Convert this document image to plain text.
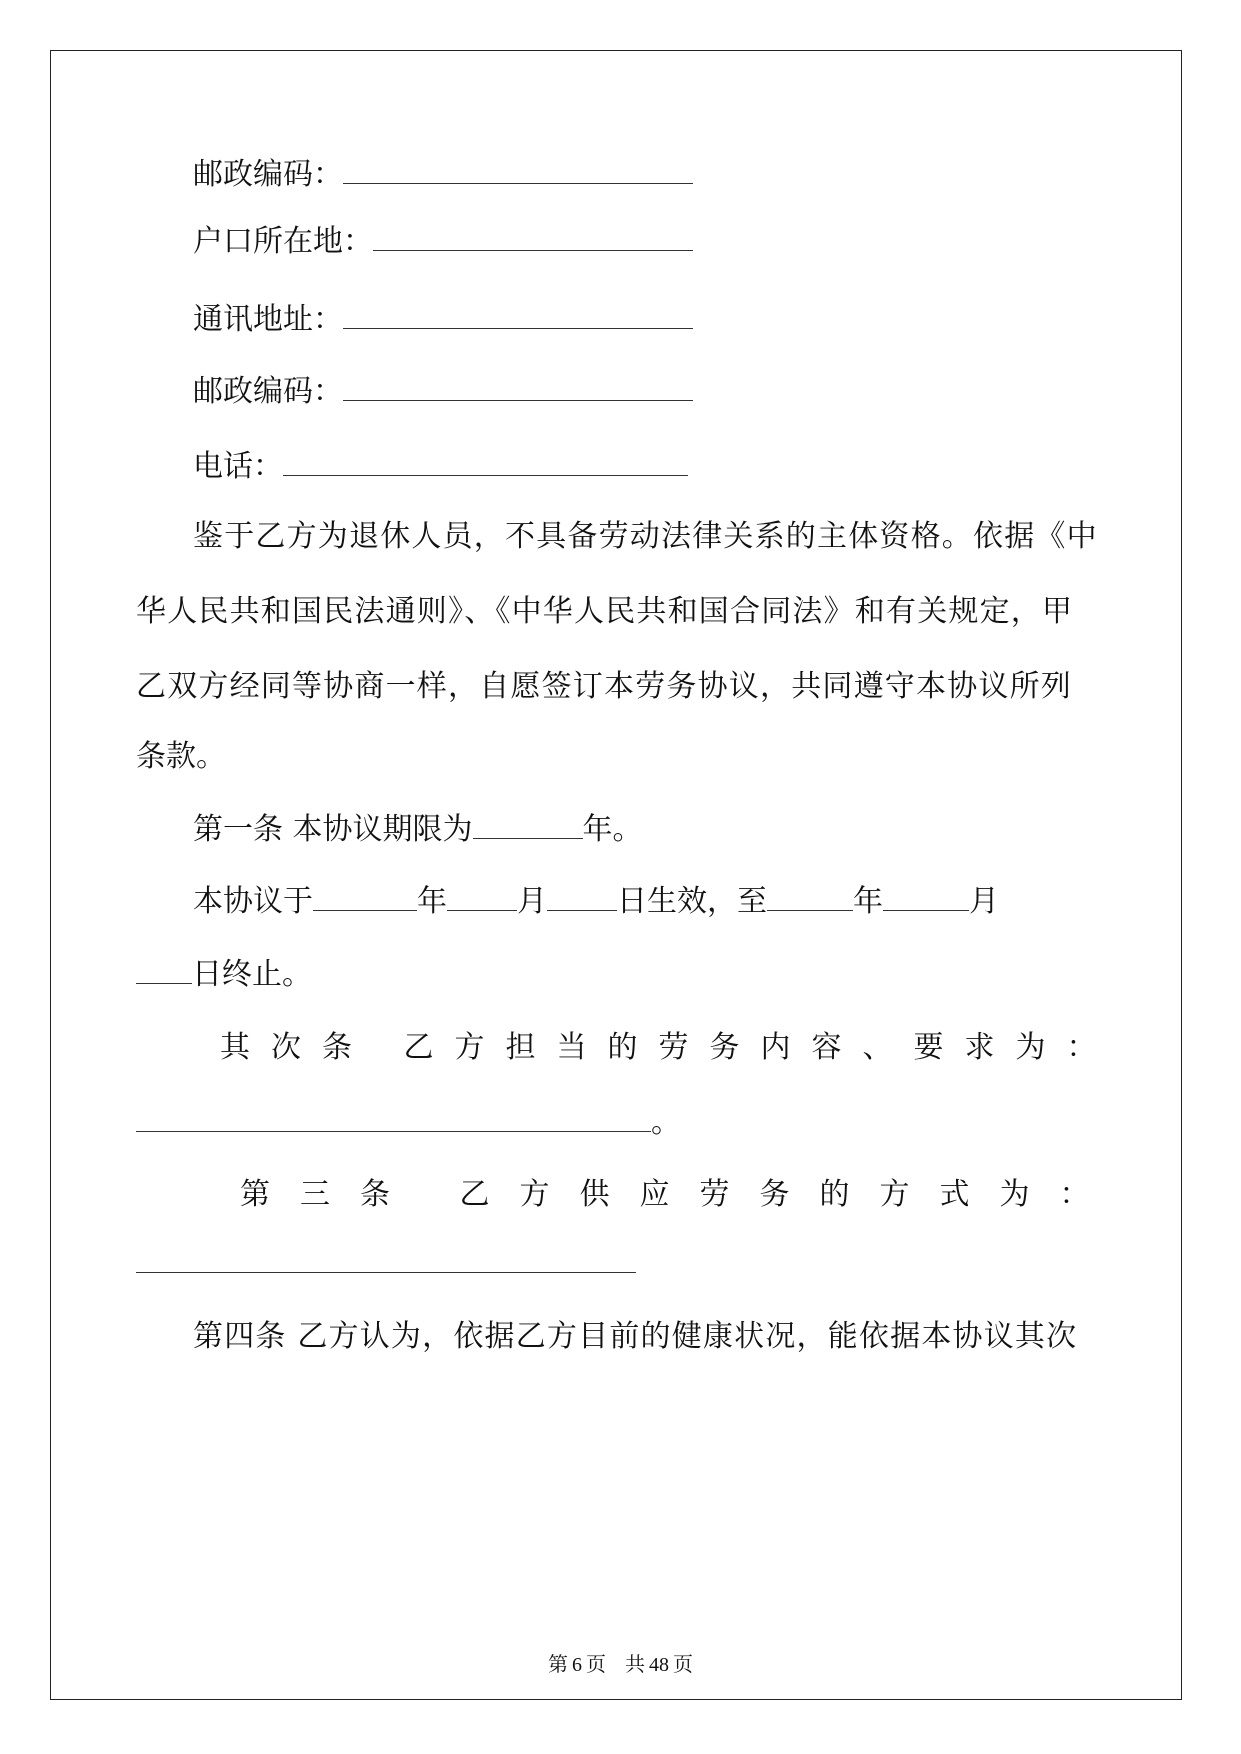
邮政编码：
户口所在地：
通讯地址：
邮政编码：
电话：
鉴于乙方为退休人员，不具备劳动法律关系的主体资格。依据《中
华人民共和国民法通则》、《中华人民共和国合同法》和有关规定，甲
乙双方经同等协商一样，自愿签订本劳务协议，共同遵守本协议所列
条款。
第一条 本协议期限为	年。
本协议于	年 月 日生效，至	年	月
日终止。
其次条 乙方担当的劳务内容、要求为：
。
第三条 乙方供应劳务的方式为：
第四条 乙方认为，依据乙方目前的健康状况，能依据本协议其次
第 6 页 共 48 页
